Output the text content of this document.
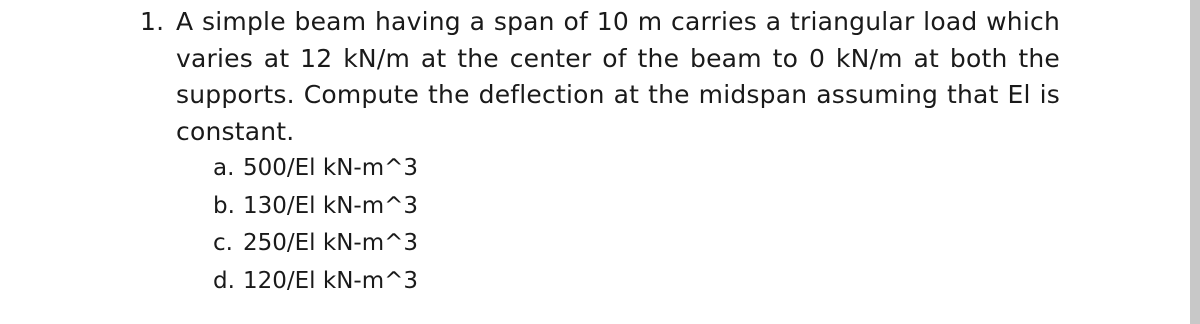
1. A simple beam having a span of 10 m carries a triangular load which varies at 12 kN/m at the center of the beam to 0 kN/m at both the supports. Compute the deflection at the midspan assuming that El is constant.
a. 500/El kN-m^3
b. 130/El kN-m^3
c. 250/El kN-m^3
d. 120/El kN-m^3
